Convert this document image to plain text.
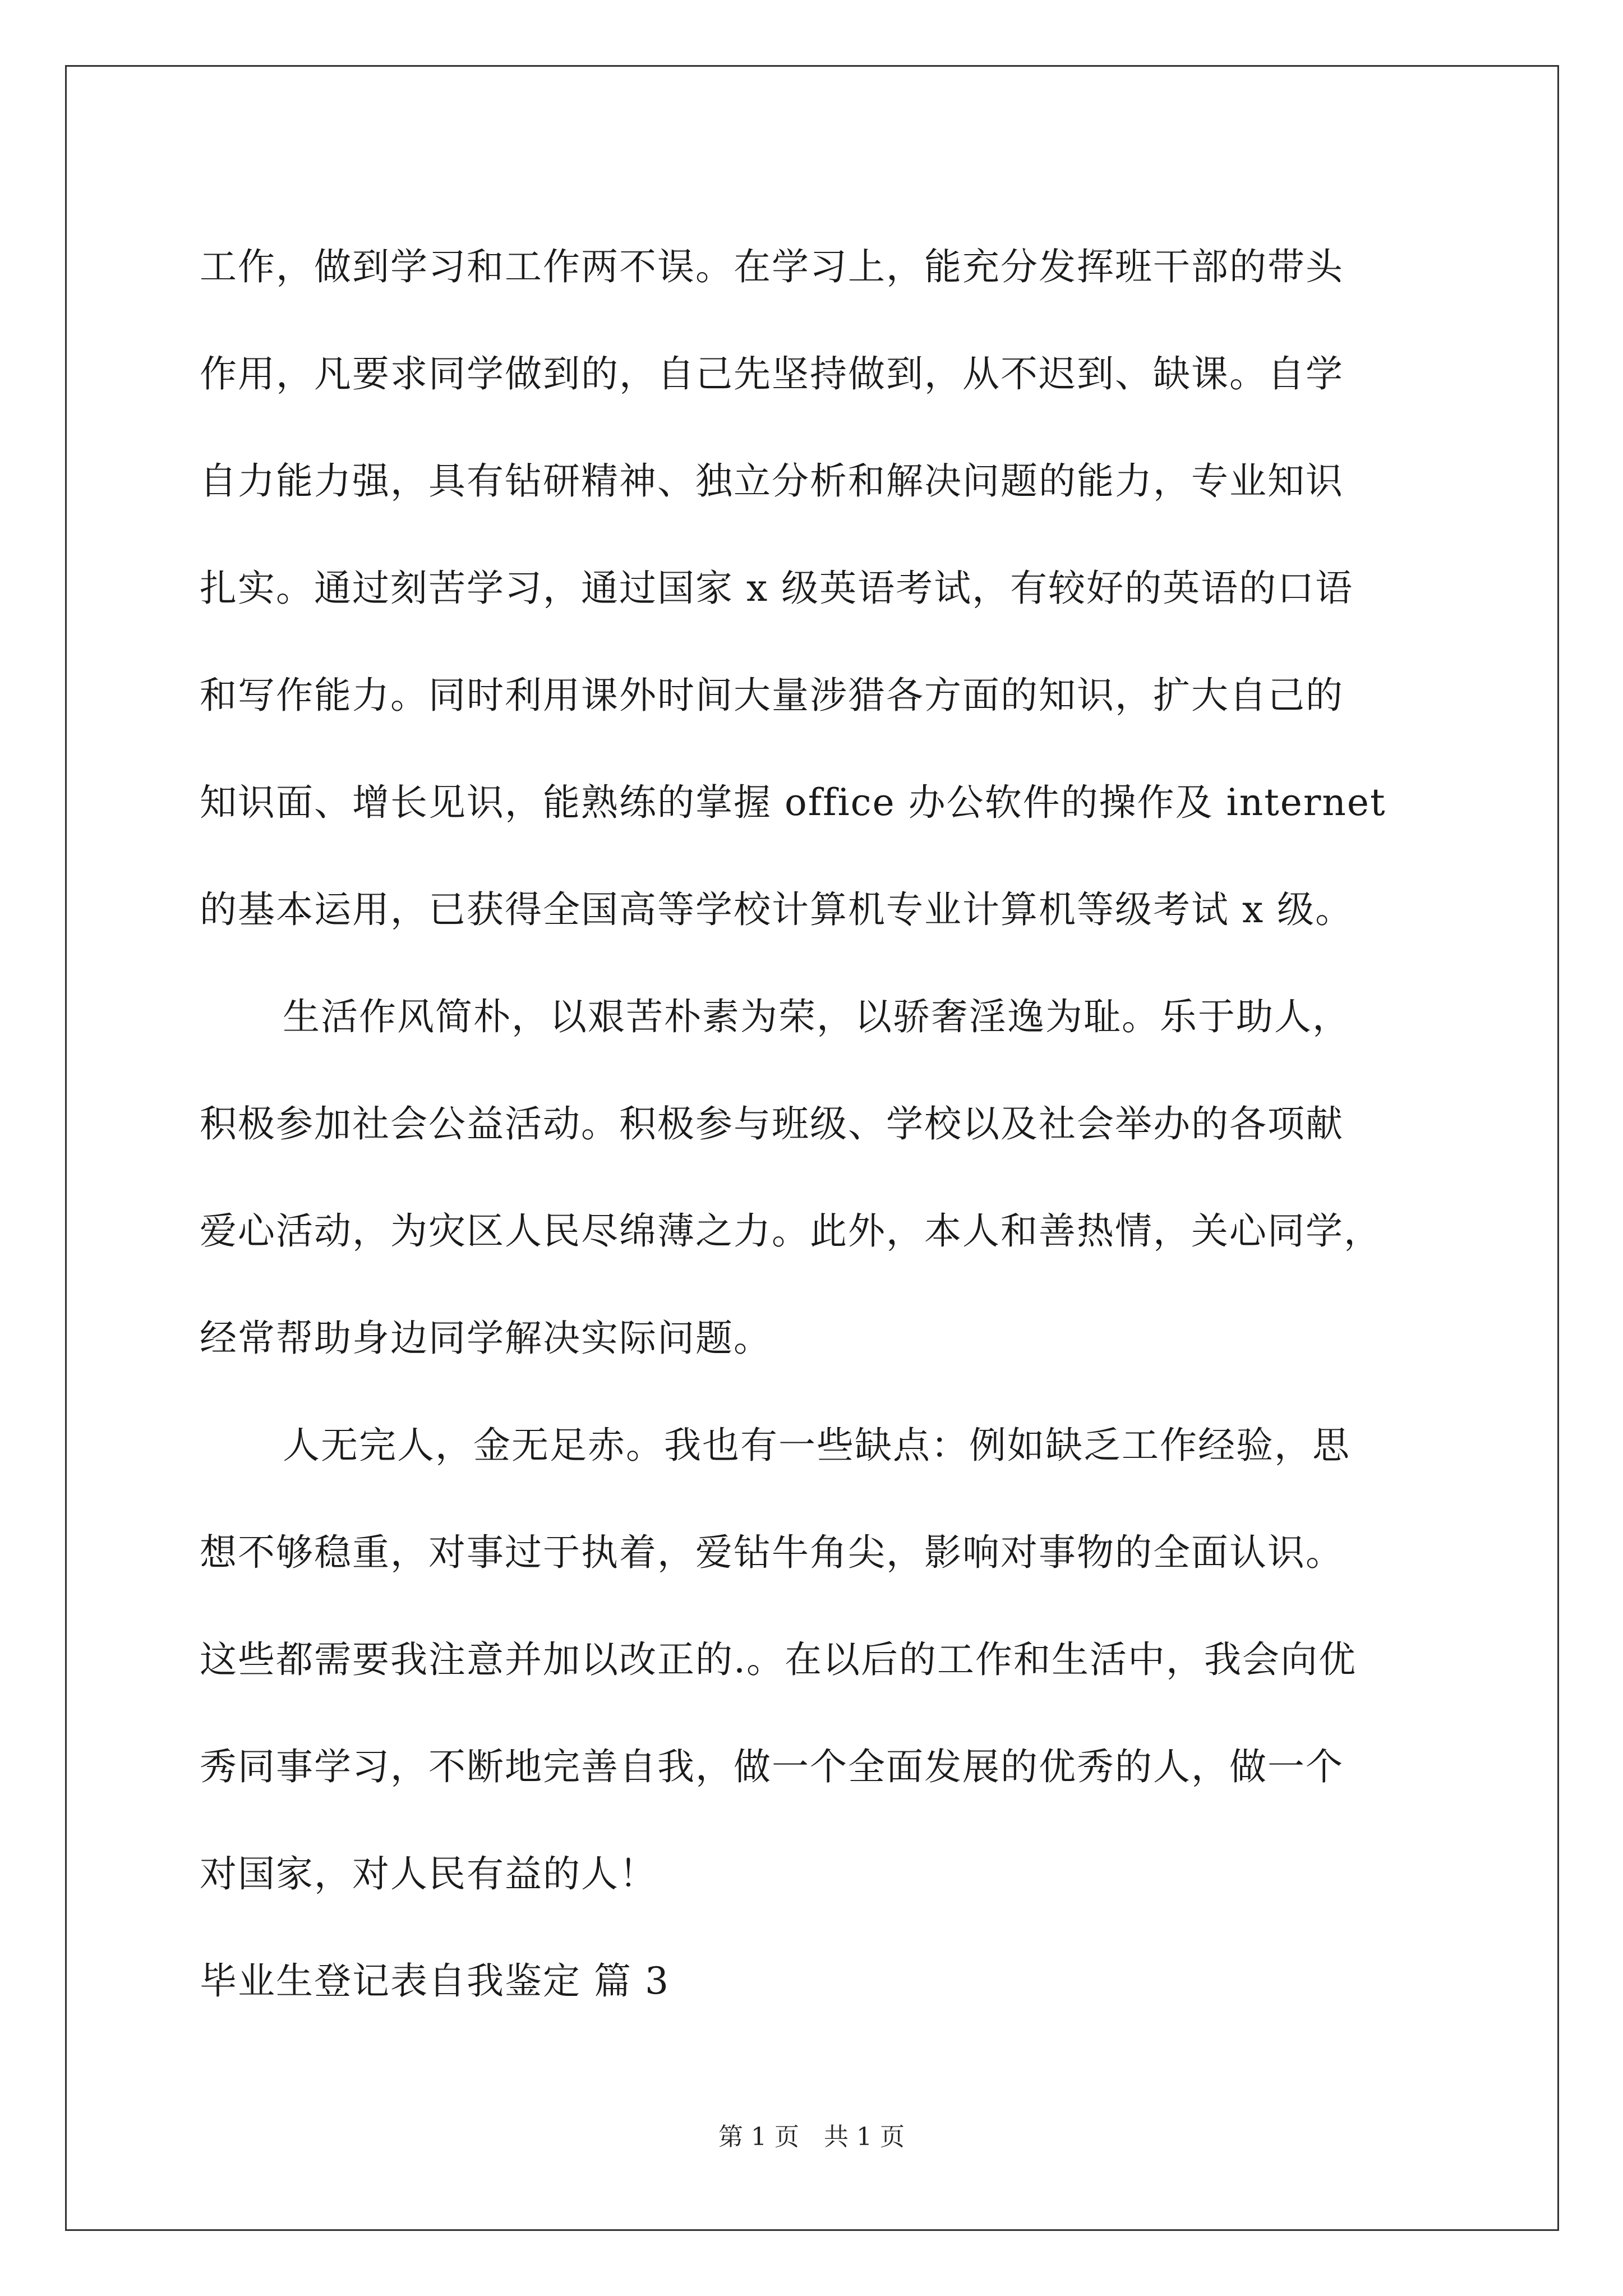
工作，做到学习和工作两不误。在学习上，能充分发挥班干部的带头
作用，凡要求同学做到的，自己先坚持做到，从不迟到、缺课。自学
自力能力强，具有钻研精神、独立分析和解决问题的能力，专业知识
扎实。通过刻苦学习，通过国家 x 级英语考试，有较好的英语的口语
和写作能力。同时利用课外时间大量涉猎各方面的知识，扩大自己的
知识面、增长见识，能熟练的掌握 office 办公软件的操作及 internet
的基本运用，已获得全国高等学校计算机专业计算机等级考试 x 级。
生活作风简朴，以艰苦朴素为荣，以骄奢淫逸为耻。乐于助人，
积极参加社会公益活动。积极参与班级、学校以及社会举办的各项献
爱心活动，为灾区人民尽绵薄之力。此外，本人和善热情，关心同学，
经常帮助身边同学解决实际问题。
人无完人，金无足赤。我也有一些缺点：例如缺乏工作经验，思
想不够稳重，对事过于执着，爱钻牛角尖，影响对事物的全面认识。
这些都需要我注意并加以改正的.。在以后的工作和生活中，我会向优
秀同事学习，不断地完善自我，做一个全面发展的优秀的人，做一个
对国家，对人民有益的人！
毕业生登记表自我鉴定 篇 3
第 1 页　共 1 页
